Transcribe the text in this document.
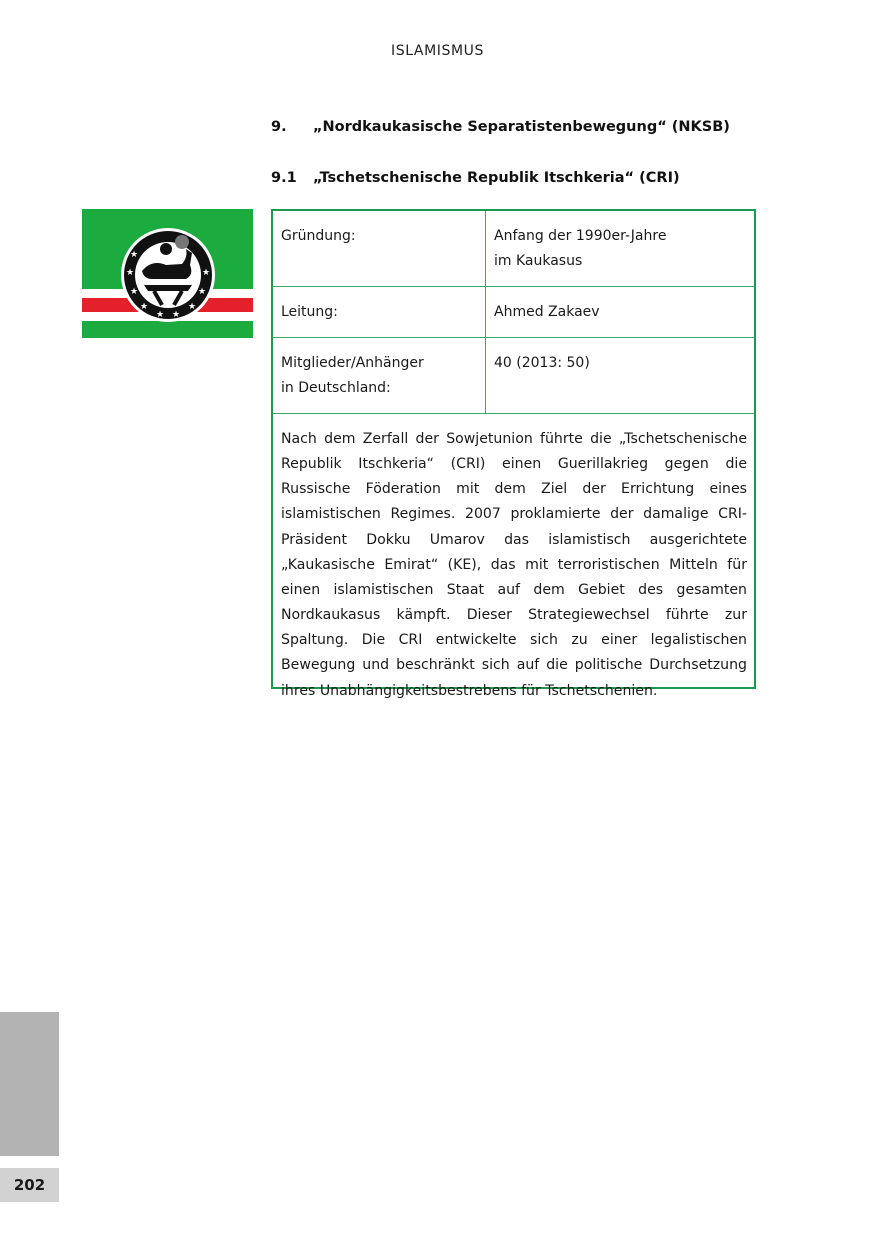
ISLAMISMUS
9. „Nordkaukasische Separatistenbewegung“ (NKSB)
9.1 „Tschetschenische Republik Itschkeria“ (CRI)
★
★
★
★ ★
★
★
★
★
Gründung:	Anfang der 1990er-Jahre
im Kaukasus

Leitung:	Ahmed Zakaev

Mitglieder/Anhänger
in Deutschland:	40 (2013: 50)
Nach dem Zerfall der Sowjetunion führte die „Tschetschenische Republik Itschkeria“ (CRI) einen Guerillakrieg gegen die Russische Föderation mit dem Ziel der Errichtung eines islamistischen Regimes. 2007 proklamierte der damalige CRI-Präsident Dokku Umarov das islamistisch ausgerichtete „Kaukasische Emirat“ (KE), das mit terroristischen Mitteln für einen islamistischen Staat auf dem Gebiet des gesamten Nordkaukasus kämpft. Dieser Strategiewechsel führte zur Spaltung. Die CRI entwickelte sich zu einer legalistischen Bewegung und beschränkt sich auf die politische Durchsetzung ihres Unabhängigkeitsbestrebens für Tschetschenien.
202
